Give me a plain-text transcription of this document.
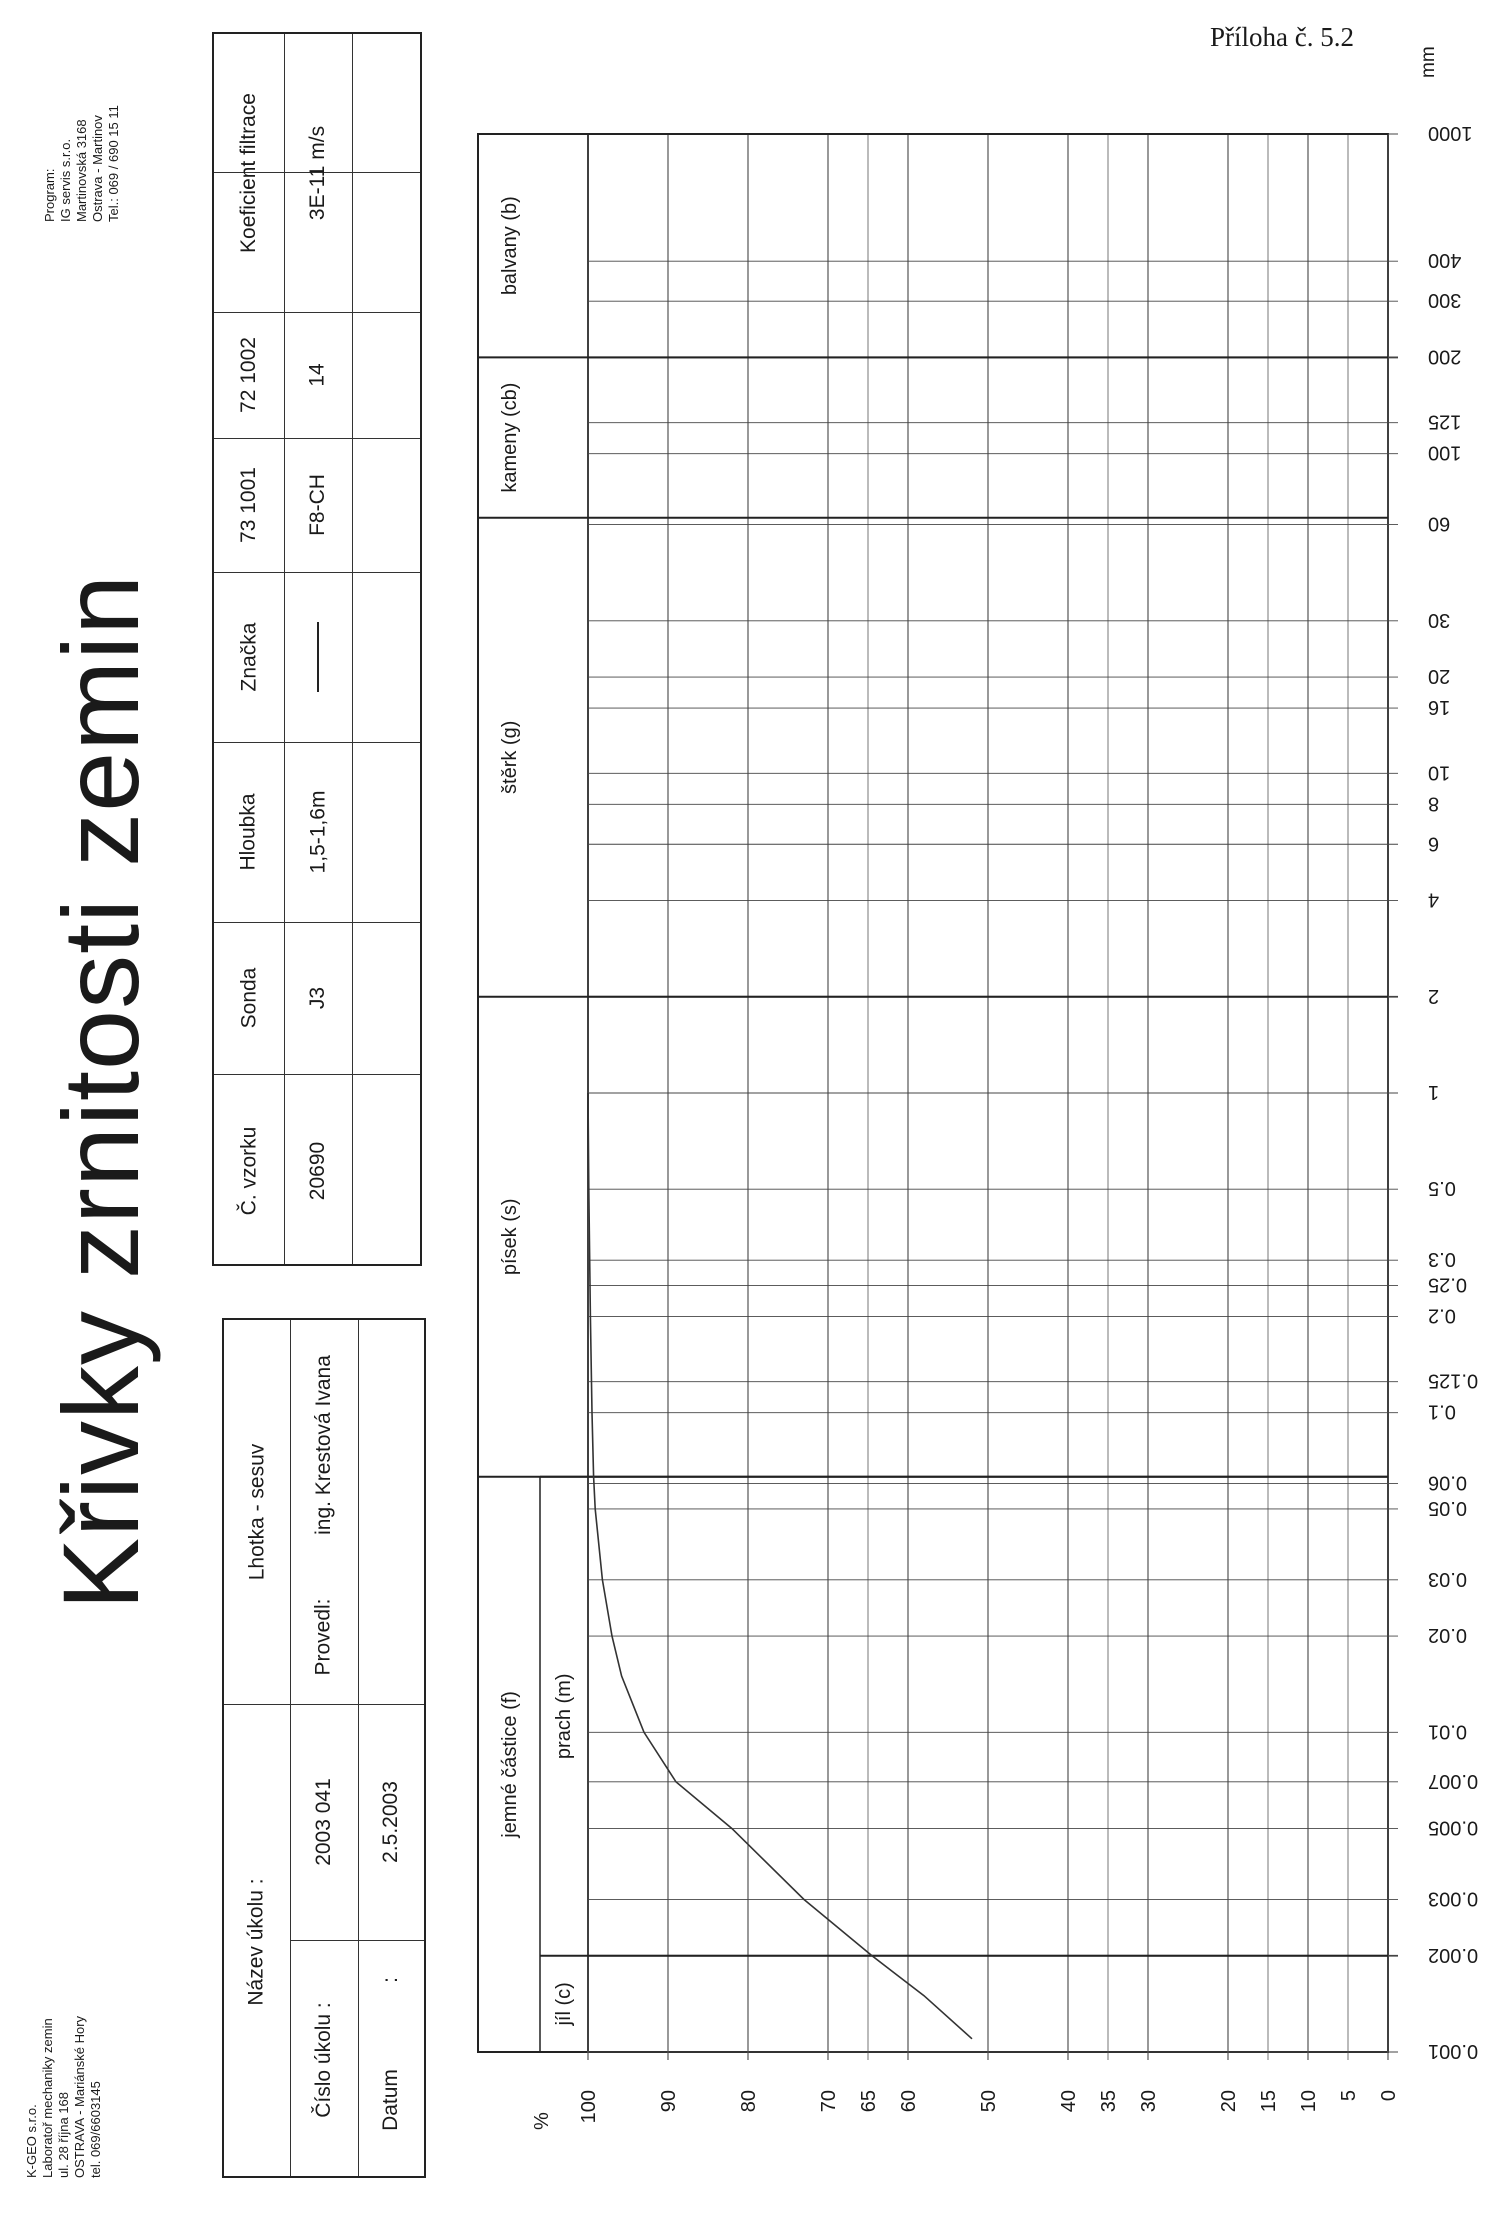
Příloha č. 5.2
mm
Křivky zrnitosti zemin
K-GEO s.r.o. Laboratoř mechaniky zemin ul. 28 října 168 OSTRAVA - Mariánské Hory tel. 069/6603145
Program: IG servis s.r.o. Martinovská 3168 Ostrava - Martinov Tel.: 069 / 690 15 11
Název úkolu :
Lhotka - sesuv
Číslo úkolu :
2003 041
Provedl:
ing. Krestová Ivana
Datum
:
2.5.2003
Č. vzorku
Sonda
Hloubka
Značka
73 1001
72 1002
Koeficient filtrace
20690
J3
1,5-1,6m
F8-CH
14
3E-11 m/s
0
5
10
15
20
30
35
40
50
60
65
70
80
90
100
%
0.001
0.002
0.003
0.005
0.007
0.01
0.02
0.03
0.05
0.06
0.1
0.125
0.2
0.25
0.3
0.5
1
2
4
6
8
10
16
20
30
60
100
125
200
300
400
1000
jemné částice (f)
písek (s)
štěrk (g)
kameny (cb)
balvany (b)
jíl (c)
prach (m)
